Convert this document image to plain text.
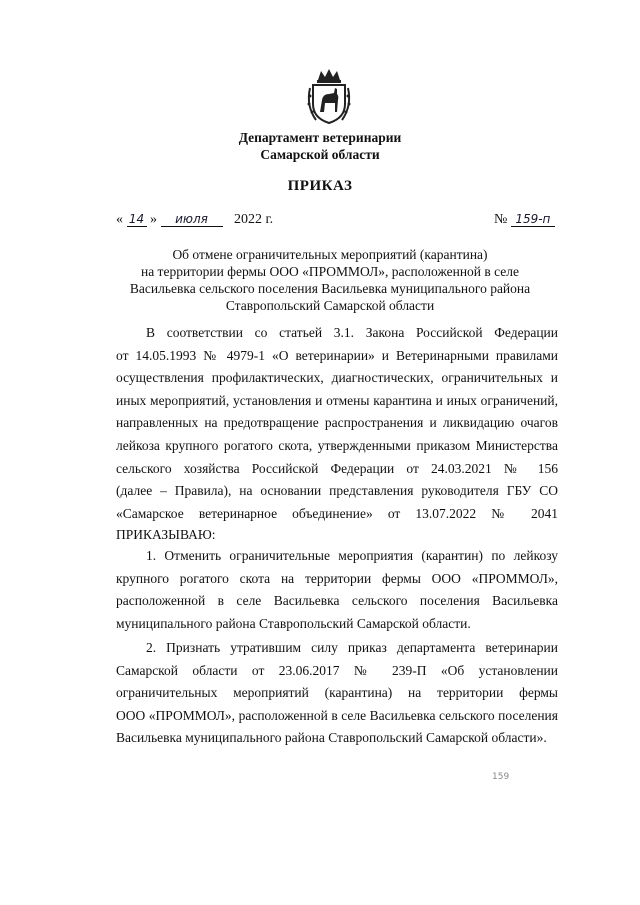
Департамент ветеринарии
Самарской области
ПРИКАЗ
« 14 » июля 2022 г.	№ 159-п
Об отмене ограничительных мероприятий (карантина)
на территории фермы ООО «ПРОММОЛ», расположенной в селе
Васильевка сельского поселения Васильевка муниципального района
Ставропольский Самарской области
В соответствии со статьей 3.1. Закона Российской Федерации
от 14.05.1993 № 4979-1 «О ветеринарии» и Ветеринарными правилами
осуществления профилактических, диагностических, ограничительных и
иных мероприятий, установления и отмены карантина и иных ограничений,
направленных на предотвращение распространения и ликвидацию очагов
лейкоза крупного рогатого скота, утвержденными приказом Министерства
сельского хозяйства Российской Федерации от 24.03.2021 № 156
(далее – Правила), на основании представления руководителя ГБУ СО
«Самарское ветеринарное объединение» от 13.07.2022 № 2041
ПРИКАЗЫВАЮ:
1. Отменить ограничительные мероприятия (карантин) по лейкозу
крупного рогатого скота на территории фермы ООО «ПРОММОЛ»,
расположенной в селе Васильевка сельского поселения Васильевка
муниципального района Ставропольский Самарской области.
2. Признать утратившим силу приказ департамента ветеринарии
Самарской области от 23.06.2017 № 239-П «Об установлении
ограничительных мероприятий (карантина) на территории фермы
ООО «ПРОММОЛ», расположенной в селе Васильевка сельского поселения
Васильевка муниципального района Ставропольский Самарской области».
159
